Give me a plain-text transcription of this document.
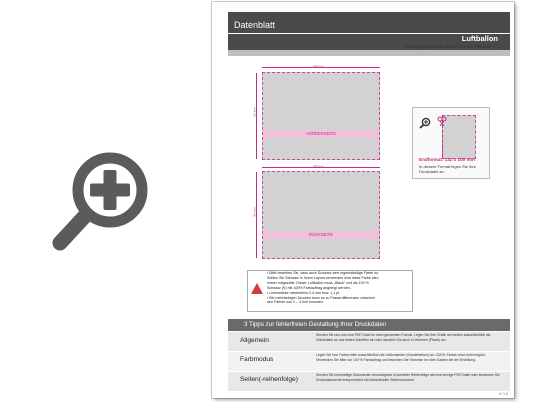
Datenblatt
Luftballon
2/2-farbig (Schwarz & HKS K oder Pantone C)
110 mm
90 mm
VORDERSEITE
110 mm
90 mm
RÜCKSEITE
Endformat: 132 x 100 mm
In diesem Format legen Sie Ihre
Druckdatei an.
• Bitte beachten Sie, dass auch Schwarz eine eigenständige Farbe ist.
Sollten Sie Schwarz in Ihrem Layout verwenden wird diese Farbe also
immer mitgezählt. Dieser Luftballon muss „Black“ und als 100 %
Schwarz (K) mit 100% Farbauftrag angelegt werden.
• Linienstärke mindestens 0,4 mm bzw. 1,1 pt.
• Bei mehrfarbigen Drucken kann es zu Passerdifferenzen zwischen
den Farben von 2 – 3 mm kommen.
3 Tipps zur fehlerfreien Gestaltung Ihrer Druckdaten
Allgemein
Senden Sie uns uns eine PDF-Datei im oben genannten Format. Legen Sie Ihre Grafik am besten ausschließlich als Vektordatei an und betten Schriften ein oder wandeln Sie auch in Vektoren (Pfade) um.
Farbmodus
Legen Sie Ihre Farben bitte ausschließlich als Volltonfarben (Sonderfarben) an. CMYK-Farben sind nicht möglich. Verwenden Sie bitte nur 100 % Farbauftrag und beachten Sie Hinweise im roten Kasten bei der Erstellung.
Seiten(-reihenfolge)
Senden Sie mehrseitige Dokumente chronologisch in korrekter Reihenfolge als eine einzige PDF-Datei oder benennen Sie Druckdokumente entsprechend mit fortlaufenden Seitennummern.
V. 1.0
